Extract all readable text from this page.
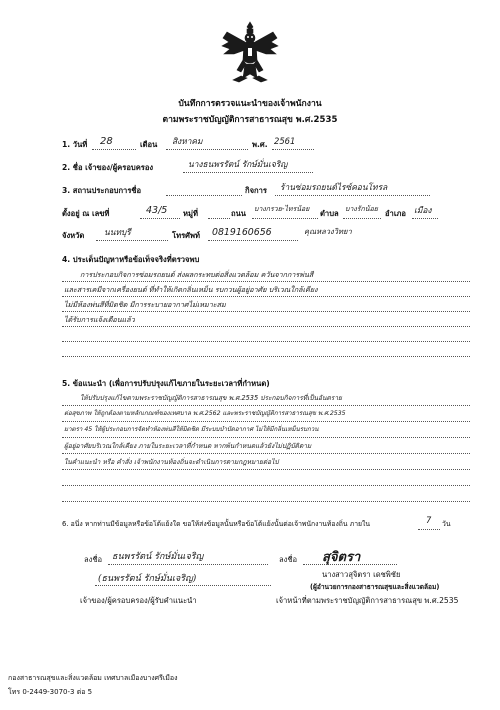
บันทึกการตรวจแนะนำของเจ้าพนักงาน
ตามพระราชบัญญัติการสาธารณสุข พ.ศ.2535
1. วันที่ 28	เดือน สิงหาคม	พ.ศ. 2561
2. ชื่อ เจ้าของ/ผู้ครอบครอง	นางธนพรรัตน์ รักษ์มั่นเจริญ
3. สถานประกอบการชื่อ	กิจการ ร้านซ่อมรถยนต์ไรซ์คอนโทรล
ตั้งอยู่ ณ เลขที่	43/5 หมู่ที่	ถนน บางกรวย-ไทรน้อย ตำบล บางรักน้อย อำเภอ เมือง
จังหวัด นนทบุรี	โทรศัพท์ 0819160656	คุณหลวงวิทยา
4. ประเด็นปัญหาหรือข้อเท็จจริงที่ตรวจพบ
การประกอบกิจการซ่อมรถยนต์ ส่งผลกระทบต่อสิ่งแวดล้อม ควันจากการพ่นสี
และสารเคมีจากเครื่องยนต์ ที่ทำให้เกิดกลิ่นเหม็น รบกวนผู้อยู่อาศัย บริเวณใกล้เคียง
ไม่มีห้องพ่นสีที่มิดชิด มีการระบายอากาศไม่เหมาะสม
ได้รับการแจ้งเตือนแล้ว
5. ข้อแนะนำ (เพื่อการปรับปรุงแก้ไขภายในระยะเวลาที่กำหนด)
ให้ปรับปรุงแก้ไขตามพระราชบัญญัติการสาธารณสุข พ.ศ.2535 ประกอบกิจการที่เป็นอันตราย
ต่อสุขภาพ ให้ถูกต้องตามหลักเกณฑ์ของเทศบาล พ.ศ.2562 และพระราชบัญญัติการสาธารณสุข พ.ศ.2535
มาตรา 45 ให้ผู้ประกอบการจัดทำห้องพ่นสีให้มิดชิด มีระบบบำบัดอากาศ ไม่ให้มีกลิ่นเหม็นรบกวน
ผู้อยู่อาศัยบริเวณใกล้เคียง ภายในระยะเวลาที่กำหนด หากพ้นกำหนดแล้วยังไม่ปฏิบัติตาม
ในคำแนะนำ หรือ คำสั่ง เจ้าพนักงานท้องถิ่นจะดำเนินการตามกฎหมายต่อไป
6. อนึ่ง หากท่านมีข้อมูลหรือข้อโต้แย้งใด ขอให้ส่งข้อมูลนั้นหรือข้อโต้แย้งนั้นต่อเจ้าพนักงานท้องถิ่น ภายใน	7 วัน
ลงชื่อ ธนพรรัตน์ รักษ์มั่นเจริญ
(ธนพรรัตน์ รักษ์มั่นเจริญ)
เจ้าของ/ผู้ครอบครอง/ผู้รับคำแนะนำ
ลงชื่อ สุจิตรา
นางสาวสุจิตรา เดชพิชัย
(ผู้อำนวยการกองสาธารณสุขและสิ่งแวดล้อม)
เจ้าหน้าที่ตามพระราชบัญญัติการสาธารณสุข พ.ศ.2535
กองสาธารณสุขและสิ่งแวดล้อม เทศบาลเมืองบางศรีเมือง
โทร 0-2449-3070-3 ต่อ 5
